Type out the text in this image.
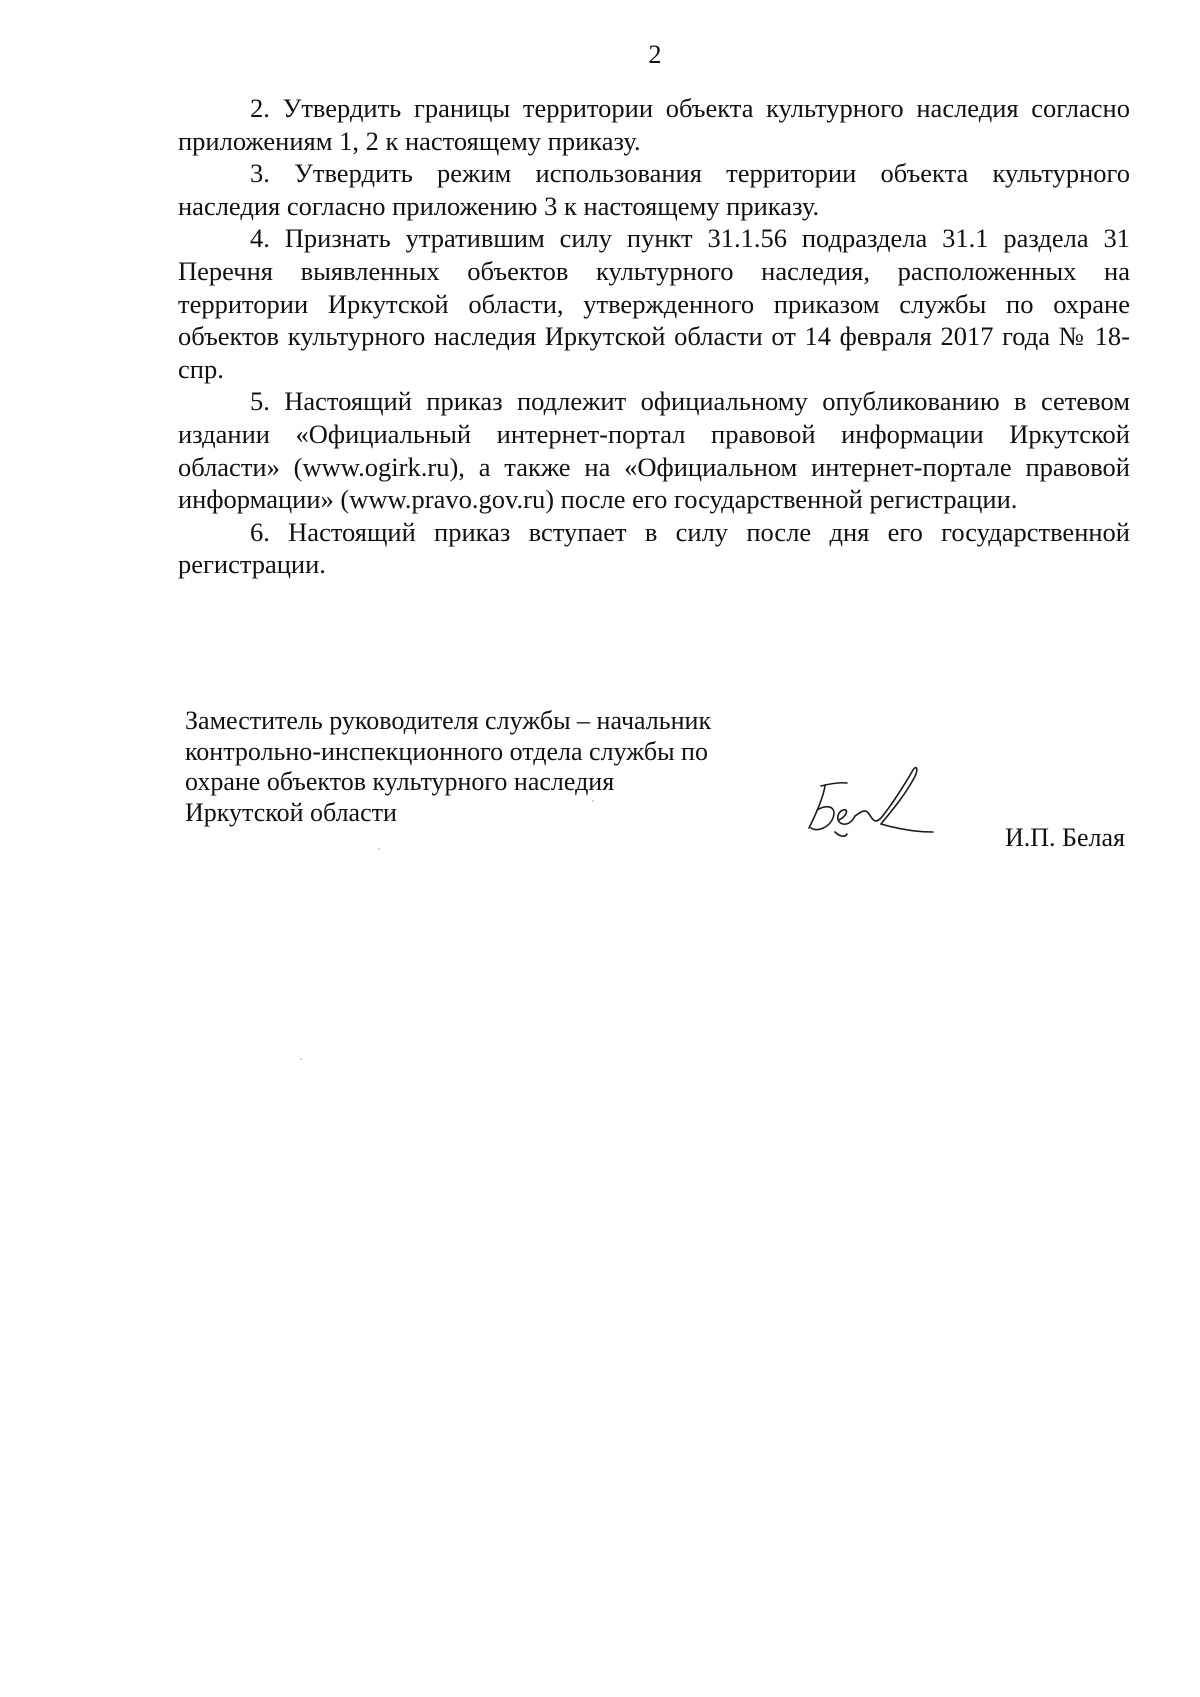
2

2. Утвердить границы территории объекта культурного наследия согласно приложениям 1, 2 к настоящему приказу.

3. Утвердить режим использования территории объекта культурного наследия согласно приложению 3 к настоящему приказу.

4. Признать утратившим силу пункт 31.1.56 подраздела 31.1 раздела 31 Перечня выявленных объектов культурного наследия, расположенных на территории Иркутской области, утвержденного приказом службы по охране объектов культурного наследия Иркутской области от 14 февраля 2017 года № 18-спр.

5. Настоящий приказ подлежит официальному опубликованию в сетевом издании «Официальный интернет-портал правовой информации Иркутской области» (www.ogirk.ru), а также на «Официальном интернет-портале правовой информации» (www.pravo.gov.ru) после его государственной регистрации.

6. Настоящий приказ вступает в силу после дня его государственной регистрации.

Заместитель руководителя службы – начальник
контрольно-инспекционного отдела службы по
охране объектов культурного наследия
Иркутской области
И.П. Белая
